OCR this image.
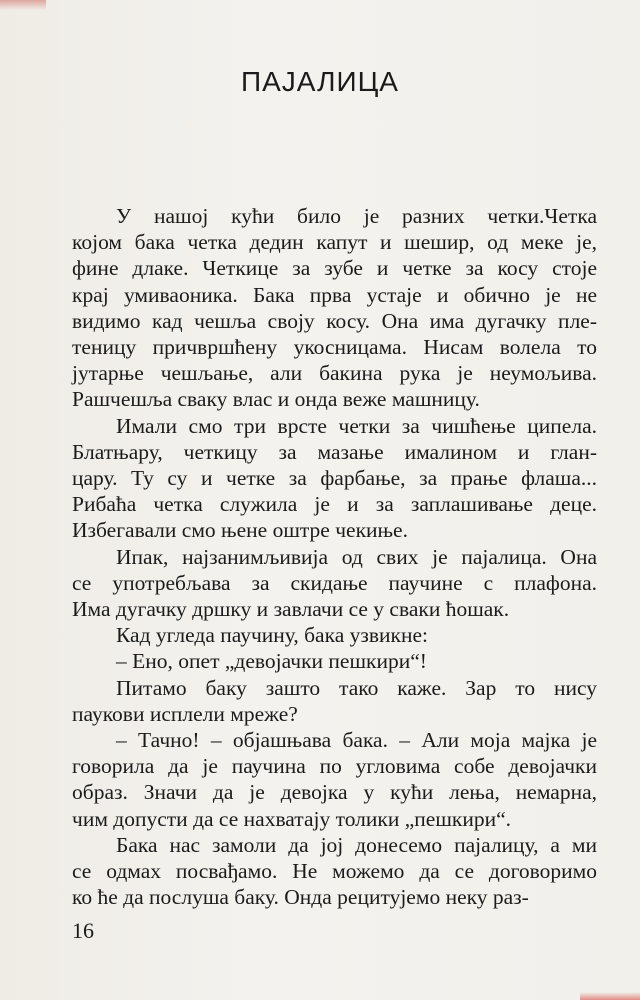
ПАЈАЛИЦА

У нашој кући било је разних четки.Четка
којом бака четка дедин капут и шешир, од меке је,
фине длаке. Четкице за зубе и четке за косу стоје
крај умиваоника. Бака прва устаје и обично је не
видимо кад чешља своју косу. Она има дугачку пле-
теницу причвршћену укосницама. Нисам волела то
јутарње чешљање, али бакина рука је неумољива.
Рашчешља сваку влас и онда веже машницу.

Имали смо три врсте четки за чишћење ципела.
Блатњару, четкицу за мазање ималином и глан-
цару. Ту су и четке за фарбање, за прање флаша...
Рибаћа четка служила је и за заплашивање деце.
Избегавали смо њене оштре чекиње.

Ипак, најзанимљивија од свих је пајалица. Она
се употребљава за скидање паучине с плафона.
Има дугачку дршку и завлачи се у сваки ћошак.

Кад угледа паучину, бака узвикне:

– Ено, опет „девојачки пешкири“!

Питамо баку зашто тако каже. Зар то нису
паукови исплели мреже?

– Тачно! – објашњава бака. – Али моја мајка је
говорила да је паучина по угловима собе девојачки
образ. Значи да је девојка у кући лења, немарна,
чим допусти да се нахватају толики „пешкири“.

Бака нас замоли да јој донесемо пајалицу, а ми
се одмах посвађамо. Не можемо да се договоримо
ко ће да послуша баку. Онда рецитујемо неку раз-

16
